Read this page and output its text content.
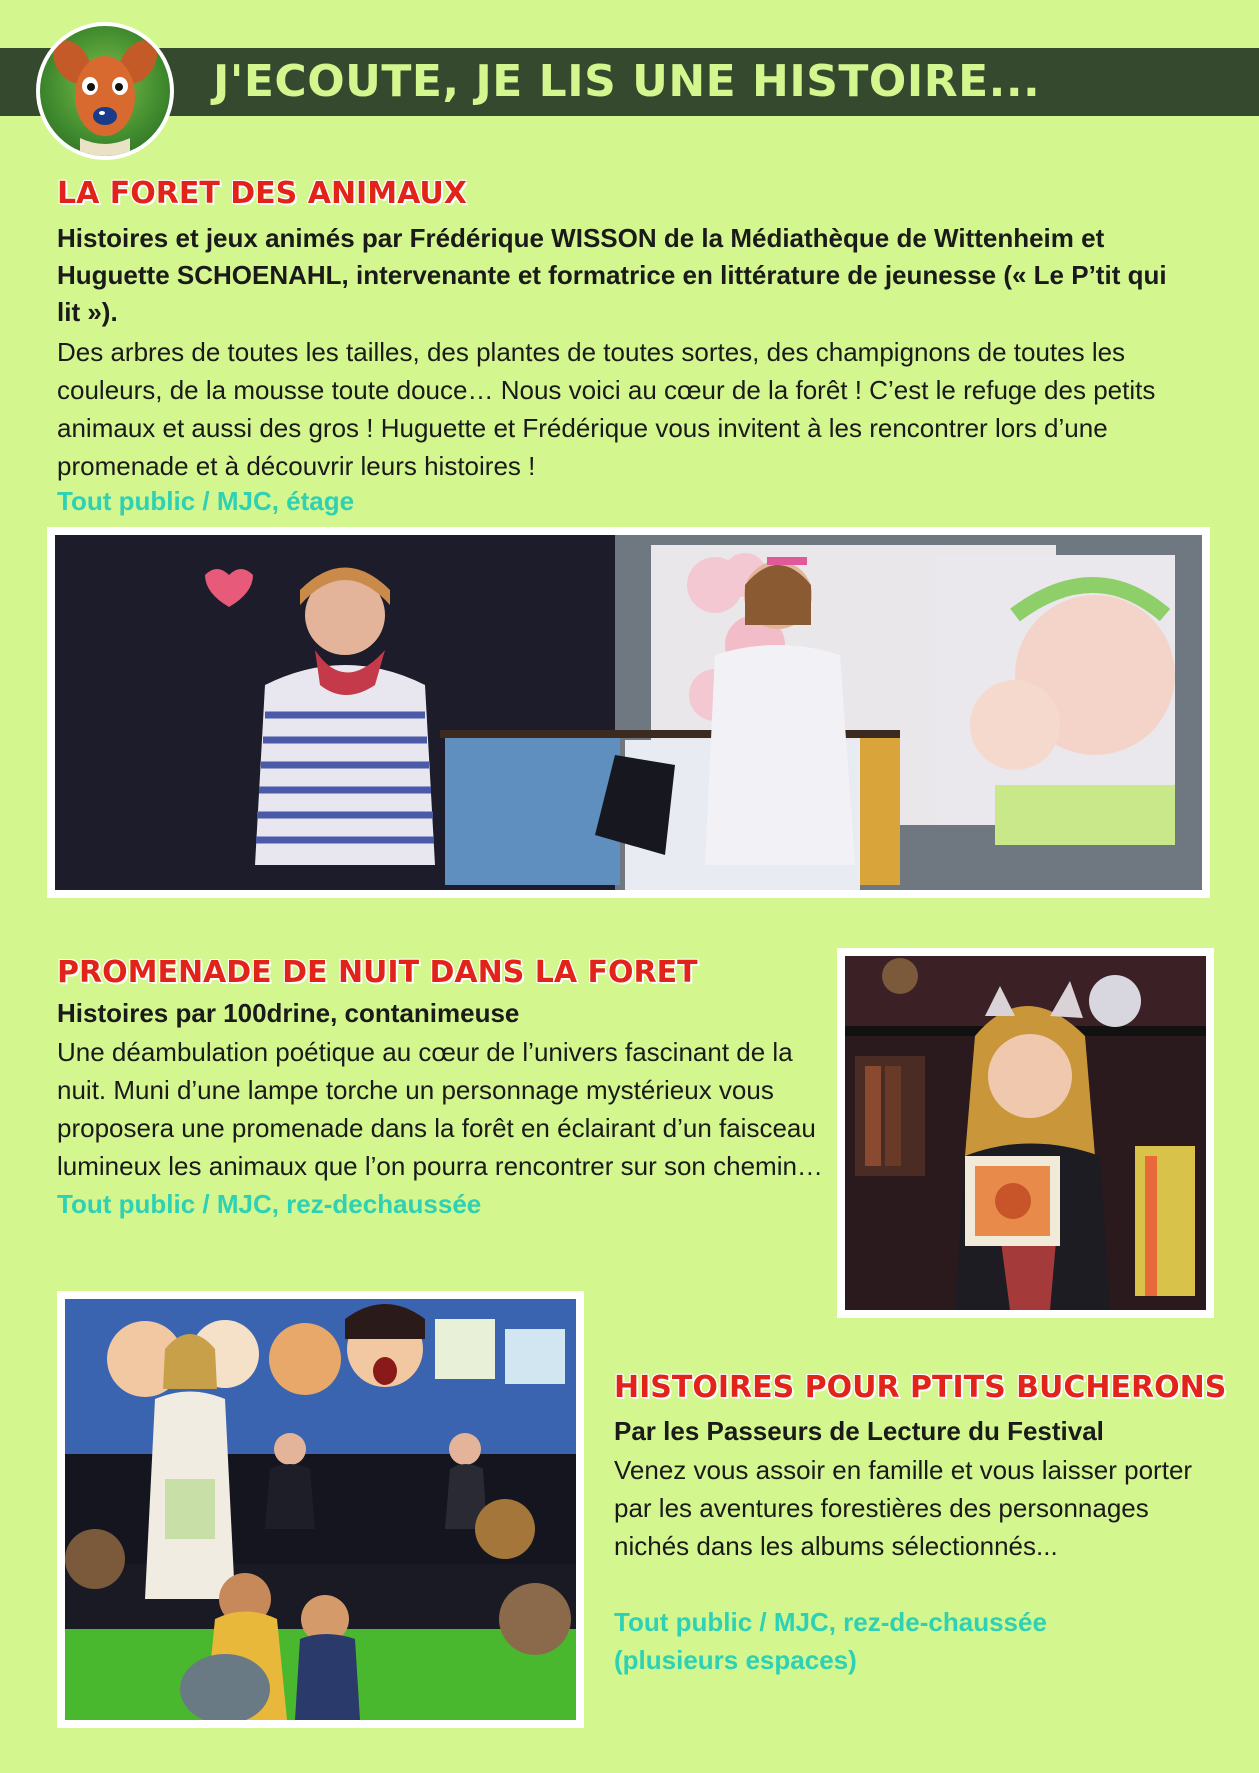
J'ECOUTE, JE LIS UNE HISTOIRE...
LA FORET DES ANIMAUX

Histoires et jeux animés par Frédérique WISSON de la Médiathèque de Wittenheim et Huguette SCHOENAHL, intervenante et formatrice en littérature de jeunesse (« Le P’tit qui lit »).

Des arbres de toutes les tailles, des plantes de toutes sortes, des champignons de toutes les couleurs, de la mousse toute douce… Nous voici au cœur de la forêt ! C’est le refuge des petits animaux et aussi des gros ! Huguette et Frédérique vous invitent à les rencontrer lors d’une promenade et à découvrir leurs histoires !

Tout public / MJC, étage

PROMENADE DE NUIT DANS LA FORET

Histoires par 100drine, contanimeuse

Une déambulation poétique au cœur de l’univers fascinant de la nuit. Muni d’une lampe torche un personnage mystérieux vous proposera une promenade dans la forêt en éclairant d’un faisceau lumineux les animaux que l’on pourra rencontrer sur son chemin… Tout public / MJC, rez-dechaussée

HISTOIRES POUR PTITS BUCHERONS

Par les Passeurs de Lecture du Festival

Venez vous assoir en famille et vous laisser porter par les aventures forestières des personnages nichés dans les albums sélectionnés...

Tout public / MJC, rez-de-chaussée

(plusieurs espaces)
